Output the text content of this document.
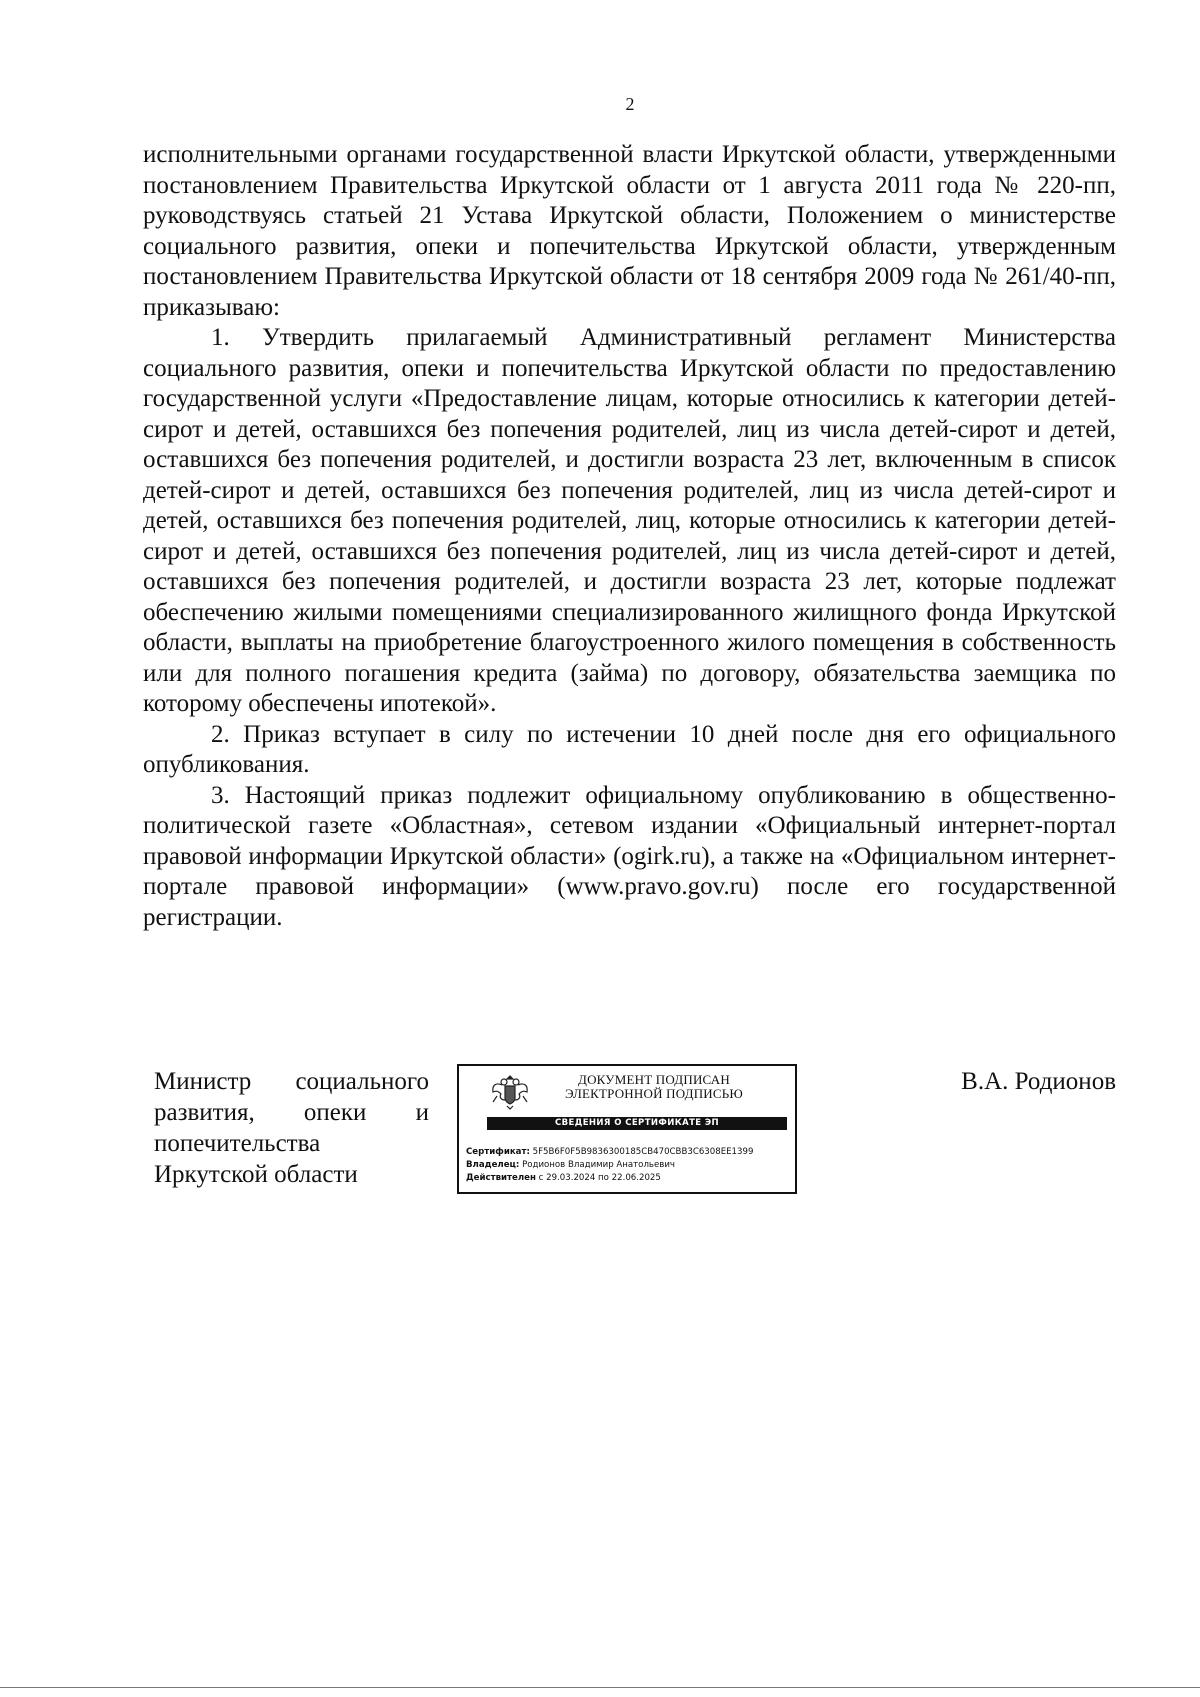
2

исполнительными органами государственной власти Иркутской области, утвержденными постановлением Правительства Иркутской области от 1 августа 2011 года № 220-пп, руководствуясь статьей 21 Устава Иркутской области, Положением о министерстве социального развития, опеки и попечительства Иркутской области, утвержденным постановлением Правительства Иркутской области от 18 сентября 2009 года № 261/40-пп, приказываю:

1. Утвердить прилагаемый Административный регламент Министерства социального развития, опеки и попечительства Иркутской области по предоставлению государственной услуги «Предоставление лицам, которые относились к категории детей-сирот и детей, оставшихся без попечения родителей, лиц из числа детей-сирот и детей, оставшихся без попечения родителей, и достигли возраста 23 лет, включенным в список детей-сирот и детей, оставшихся без попечения родителей, лиц из числа детей-сирот и детей, оставшихся без попечения родителей, лиц, которые относились к категории детей-сирот и детей, оставшихся без попечения родителей, лиц из числа детей-сирот и детей, оставшихся без попечения родителей, и достигли возраста 23 лет, которые подлежат обеспечению жилыми помещениями специализированного жилищного фонда Иркутской области, выплаты на приобретение благоустроенного жилого помещения в собственность или для полного погашения кредита (займа) по договору, обязательства заемщика по которому обеспечены ипотекой».

2. Приказ вступает в силу по истечении 10 дней после дня его официального опубликования.

3. Настоящий приказ подлежит официальному опубликованию в общественно-политической газете «Областная», сетевом издании «Официальный интернет-портал правовой информации Иркутской области» (ogirk.ru), а также на «Официальном интернет-портале правовой информации» (www.pravo.gov.ru) после его государственной регистрации.

Министр социального
развития, опеки и
попечительства
Иркутской области
ДОКУМЕНТ ПОДПИСАН
ЭЛЕКТРОННОЙ ПОДПИСЬЮ
СВЕДЕНИЯ О СЕРТИФИКАТЕ ЭП
Сертификат: 5F5B6F0F5B9836300185CB470CBB3C6308EE1399
Владелец: Родионов Владимир Анатольевич
Действителен с 29.03.2024 по 22.06.2025
В.А. Родионов
